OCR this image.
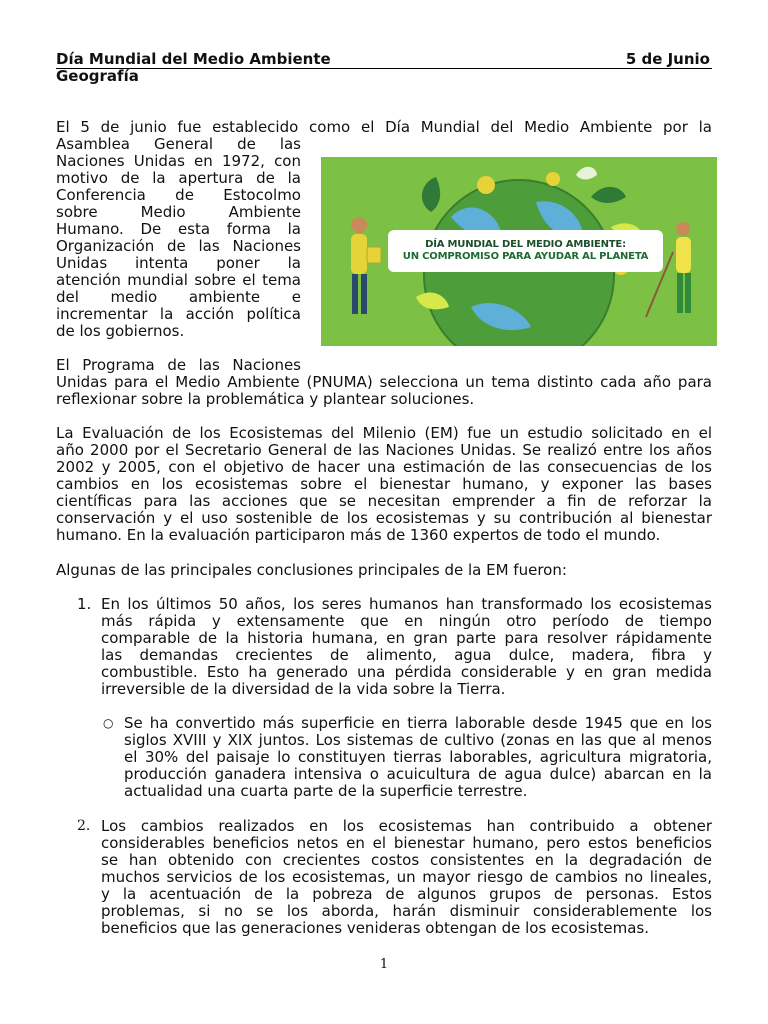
Día Mundial del Medio Ambiente	5 de Junio
Geografía
El 5 de junio fue establecido como el Día Mundial del Medio Ambiente por la
Asamblea General de las
Naciones Unidas en 1972, con
motivo de la apertura de la
Conferencia de Estocolmo
sobre Medio Ambiente
Humano. De esta forma la
Organización de las Naciones
Unidas intenta poner la
atención mundial sobre el tema
del medio ambiente e
incrementar la acción política
de los gobiernos.
DÍA MUNDIAL DEL MEDIO AMBIENTE:
UN COMPROMISO PARA AYUDAR AL PLANETA
El Programa de las Naciones
Unidas para el Medio Ambiente (PNUMA) selecciona un tema distinto cada año para
reflexionar sobre la problemática y plantear soluciones.
La Evaluación de los Ecosistemas del Milenio (EM) fue un estudio solicitado en el
año 2000 por el Secretario General de las Naciones Unidas. Se realizó entre los años
2002 y 2005, con el objetivo de hacer una estimación de las consecuencias de los
cambios en los ecosistemas sobre el bienestar humano, y exponer las bases
científicas para las acciones que se necesitan emprender a fin de reforzar la
conservación y el uso sostenible de los ecosistemas y su contribución al bienestar
humano. En la evaluación participaron más de 1360 expertos de todo el mundo.
Algunas de las principales conclusiones principales de la EM fueron:
1. En los últimos 50 años, los seres humanos han transformado los ecosistemas
más rápida y extensamente que en ningún otro período de tiempo
comparable de la historia humana, en gran parte para resolver rápidamente
las demandas crecientes de alimento, agua dulce, madera, fibra y
combustible. Esto ha generado una pérdida considerable y en gran medida
irreversible de la diversidad de la vida sobre la Tierra.
○ Se ha convertido más superficie en tierra laborable desde 1945 que en los
siglos XVIII y XIX juntos. Los sistemas de cultivo (zonas en las que al menos
el 30% del paisaje lo constituyen tierras laborables, agricultura migratoria,
producción ganadera intensiva o acuicultura de agua dulce) abarcan en la
actualidad una cuarta parte de la superficie terrestre.
2. Los cambios realizados en los ecosistemas han contribuido a obtener
considerables beneficios netos en el bienestar humano, pero estos beneficios
se han obtenido con crecientes costos consistentes en la degradación de
muchos servicios de los ecosistemas, un mayor riesgo de cambios no lineales,
y la acentuación de la pobreza de algunos grupos de personas. Estos
problemas, si no se los aborda, harán disminuir considerablemente los
beneficios que las generaciones venideras obtengan de los ecosistemas.
1
